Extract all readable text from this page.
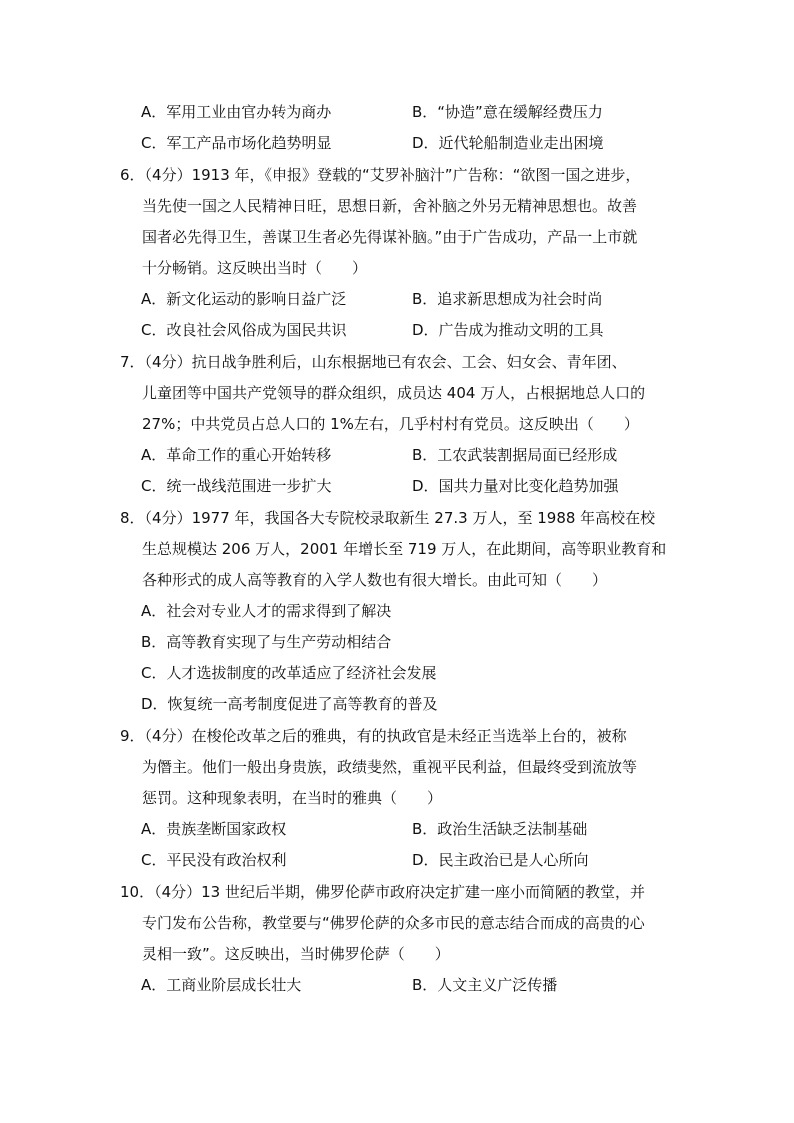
A．军用工业由官办转为商办	B．“协造”意在缓解经费压力
C．军工产品市场化趋势明显	D．近代轮船制造业走出困境
6．（4分）1913 年，《申报》登载的“艾罗补脑汁”广告称：“欲图一国之进步，
当先使一国之人民精神日旺，思想日新，舍补脑之外另无精神思想也。故善
国者必先得卫生，善谋卫生者必先得谋补脑。”由于广告成功，产品一上市就
十分畅销。这反映出当时（　　）
A．新文化运动的影响日益广泛	B．追求新思想成为社会时尚
C．改良社会风俗成为国民共识	D．广告成为推动文明的工具
7．（4分）抗日战争胜利后，山东根据地已有农会、工会、妇女会、青年团、
儿童团等中国共产党领导的群众组织，成员达 404 万人，占根据地总人口的
27%；中共党员占总人口的 1%左右，几乎村村有党员。这反映出（　　）
A．革命工作的重心开始转移	B．工农武装割据局面已经形成
C．统一战线范围进一步扩大	D．国共力量对比变化趋势加强
8．（4分）1977 年，我国各大专院校录取新生 27.3 万人，至 1988 年高校在校
生总规模达 206 万人，2001 年增长至 719 万人，在此期间，高等职业教育和
各种形式的成人高等教育的入学人数也有很大增长。由此可知（　　）
A．社会对专业人才的需求得到了解决
B．高等教育实现了与生产劳动相结合
C．人才选拔制度的改革适应了经济社会发展
D．恢复统一高考制度促进了高等教育的普及
9．（4分）在梭伦改革之后的雅典，有的执政官是未经正当选举上台的，被称
为僭主。他们一般出身贵族，政绩斐然，重视平民利益，但最终受到流放等
惩罚。这种现象表明，在当时的雅典（　　）
A．贵族垄断国家政权	B．政治生活缺乏法制基础
C．平民没有政治权利	D．民主政治已是人心所向
10．（4分）13 世纪后半期，佛罗伦萨市政府决定扩建一座小而简陋的教堂，并
专门发布公告称，教堂要与“佛罗伦萨的众多市民的意志结合而成的高贵的心
灵相一致”。这反映出，当时佛罗伦萨（　　）
A．工商业阶层成长壮大	B．人文主义广泛传播
